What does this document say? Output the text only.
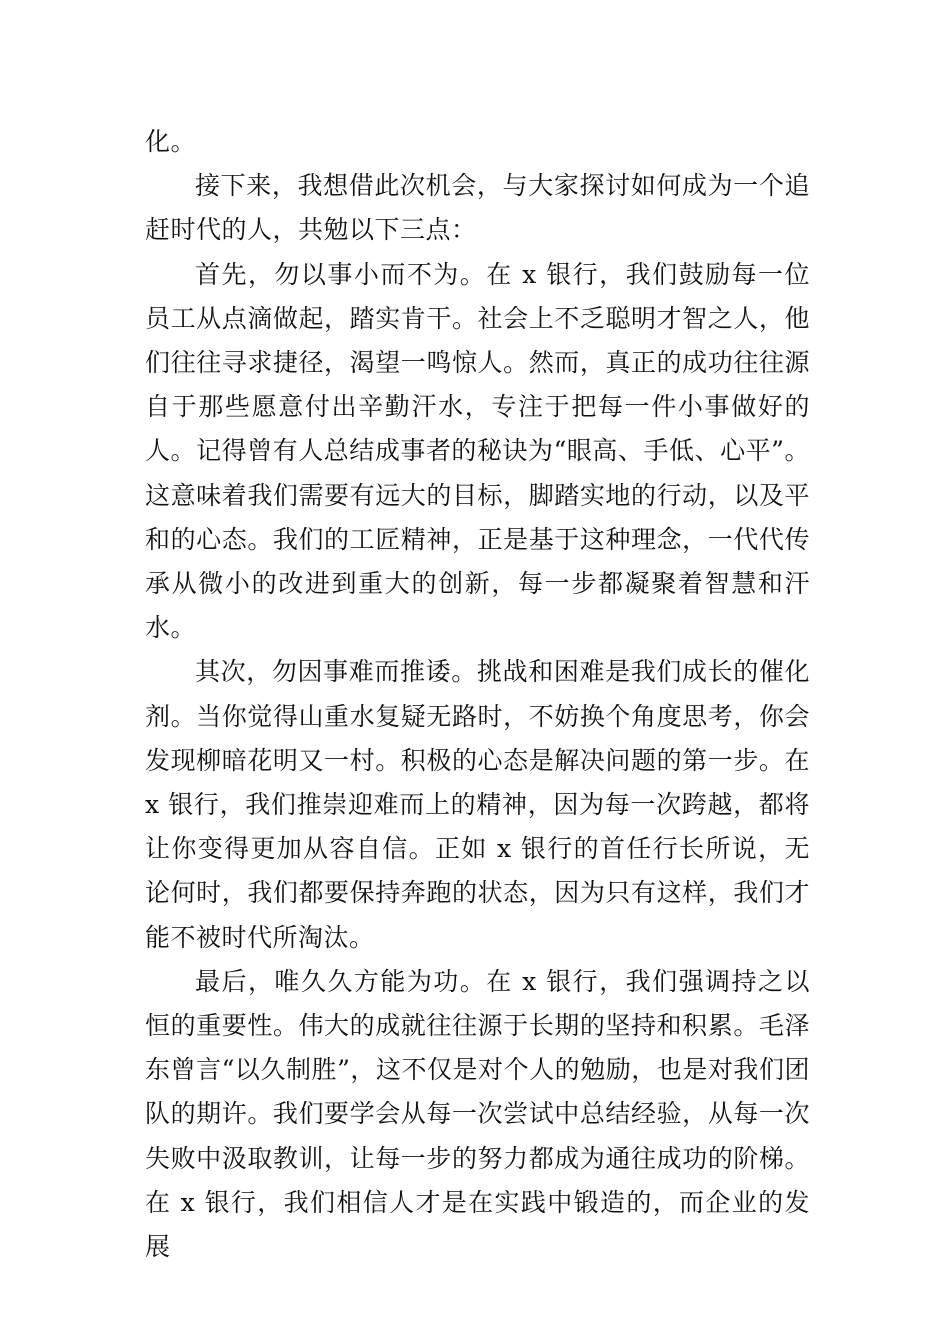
化。

接下来，我想借此次机会，与大家探讨如何成为一个追赶时代的人，共勉以下三点：

首先，勿以事小而不为。在 x 银行，我们鼓励每一位员工从点滴做起，踏实肯干。社会上不乏聪明才智之人，他们往往寻求捷径，渴望一鸣惊人。然而，真正的成功往往源自于那些愿意付出辛勤汗水，专注于把每一件小事做好的人。记得曾有人总结成事者的秘诀为“眼高、手低、心平”。这意味着我们需要有远大的目标，脚踏实地的行动，以及平和的心态。我们的工匠精神，正是基于这种理念，一代代传承从微小的改进到重大的创新，每一步都凝聚着智慧和汗水。

其次，勿因事难而推诿。挑战和困难是我们成长的催化剂。当你觉得山重水复疑无路时，不妨换个角度思考，你会发现柳暗花明又一村。积极的心态是解决问题的第一步。在 x 银行，我们推崇迎难而上的精神，因为每一次跨越，都将让你变得更加从容自信。正如 x 银行的首任行长所说，无论何时，我们都要保持奔跑的状态，因为只有这样，我们才能不被时代所淘汰。

最后，唯久久方能为功。在 x 银行，我们强调持之以恒的重要性。伟大的成就往往源于长期的坚持和积累。毛泽东曾言“以久制胜”，这不仅是对个人的勉励，也是对我们团队的期许。我们要学会从每一次尝试中总结经验，从每一次失败中汲取教训，让每一步的努力都成为通往成功的阶梯。在 x 银行，我们相信人才是在实践中锻造的，而企业的发展
